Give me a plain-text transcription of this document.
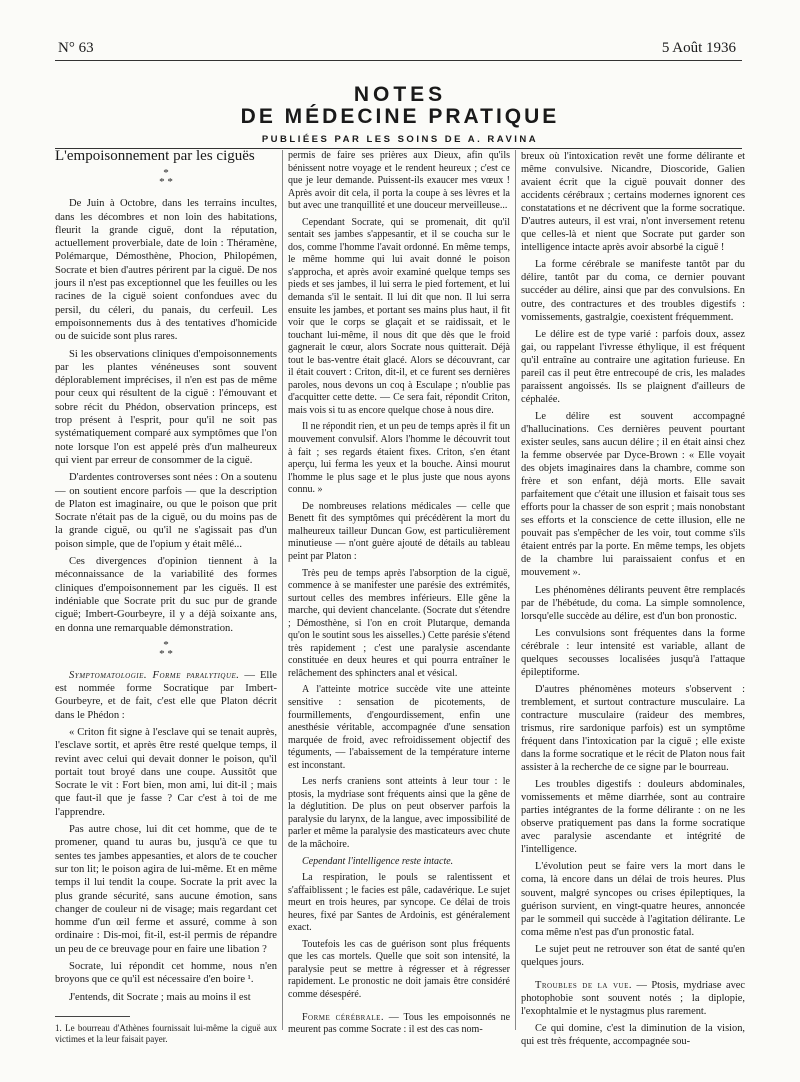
N° 63	5 Août 1936
NOTES
DE MÉDECINE PRATIQUE
PUBLIÉES PAR LES SOINS DE A. RAVINA

L'empoisonnement par les ciguës

*
* *

De Juin à Octobre, dans les terrains incultes, dans les décombres et non loin des habitations, fleurit la grande ciguë, dont la réputation, actuellement proverbiale, date de loin : Théramène, Polémarque, Démosthène, Phocion, Philopémen, Socrate et bien d'autres périrent par la ciguë. De nos jours il n'est pas exceptionnel que les feuilles ou les racines de la ciguë soient confondues avec du persil, du céleri, du panais, du cerfeuil. Les empoisonnements dus à des tentatives d'homicide ou de suicide sont plus rares.

Si les observations cliniques d'empoisonnements par les plantes vénéneuses sont souvent déplorablement imprécises, il n'en est pas de même pour ceux qui résultent de la ciguë : l'émouvant et sobre récit du Phédon, observation princeps, est trop présent à l'esprit, pour qu'il ne soit pas systématiquement comparé aux symptômes que l'on note lorsque l'on est appelé près d'un malheureux qui vient par erreur de consommer de la ciguë.

D'ardentes controverses sont nées : On a soutenu — on soutient encore parfois — que la description de Platon est imaginaire, ou que le poison que prit Socrate n'était pas de la ciguë, ou du moins pas de la grande ciguë, ou qu'il ne s'agissait pas d'un poison simple, que de l'opium y était mêlé...

Ces divergences d'opinion tiennent à la méconnaissance de la variabilité des formes cliniques d'empoisonnement par les ciguës. Il est indéniable que Socrate prit du suc pur de grande ciguë; Imbert-Gourbeyre, il y a déjà soixante ans, en donna une remarquable démonstration.

*
* *

Symptomatologie. Forme paralytique. — Elle est nommée forme Socratique par Imbert-Gourbeyre, et de fait, c'est elle que Platon décrit dans le Phédon :

« Criton fit signe à l'esclave qui se tenait auprès, l'esclave sortit, et après être resté quelque temps, il revint avec celui qui devait donner le poison, qu'il portait tout broyé dans une coupe. Aussitôt que Socrate le vit : Fort bien, mon ami, lui dit-il ; mais que faut-il que je fasse ? Car c'est à toi de me l'apprendre.

Pas autre chose, lui dit cet homme, que de te promener, quand tu auras bu, jusqu'à ce que tu sentes tes jambes appesanties, et alors de te coucher sur ton lit; le poison agira de lui-même. Et en même temps il lui tendit la coupe. Socrate la prit avec la plus grande sécurité, sans aucune émotion, sans changer de couleur ni de visage; mais regardant cet homme d'un œil ferme et assuré, comme à son ordinaire : Dis-moi, fit-il, est-il permis de répandre un peu de ce breuvage pour en faire une libation ?

Socrate, lui répondit cet homme, nous n'en broyons que ce qu'il est nécessaire d'en boire ¹.

J'entends, dit Socrate ; mais au moins il est

1. Le bourreau d'Athènes fournissait lui-même la ciguë aux victimes et la leur faisait payer.

permis de faire ses prières aux Dieux, afin qu'ils bénissent notre voyage et le rendent heureux ; c'est ce que je leur demande. Puissent-ils exaucer mes vœux ! Après avoir dit cela, il porta la coupe à ses lèvres et la but avec une tranquillité et une douceur merveilleuse...

Cependant Socrate, qui se promenait, dit qu'il sentait ses jambes s'appesantir, et il se coucha sur le dos, comme l'homme l'avait ordonné. En même temps, le même homme qui lui avait donné le poison s'approcha, et après avoir examiné quelque temps ses pieds et ses jambes, il lui serra le pied fortement, et lui demanda s'il le sentait. Il lui dit que non. Il lui serra ensuite les jambes, et portant ses mains plus haut, il fit voir que le corps se glaçait et se raidissait, et le touchant lui-même, il nous dit que dès que le froid gagnerait le cœur, alors Socrate nous quitterait. Déjà tout le bas-ventre était glacé. Alors se découvrant, car il était couvert : Criton, dit-il, et ce furent ses dernières paroles, nous devons un coq à Esculape ; n'oublie pas d'acquitter cette dette. — Ce sera fait, répondit Criton, mais vois si tu as encore quelque chose à nous dire.

Il ne répondit rien, et un peu de temps après il fit un mouvement convulsif. Alors l'homme le découvrit tout à fait ; ses regards étaient fixes. Criton, s'en étant aperçu, lui ferma les yeux et la bouche. Ainsi mourut l'homme le plus sage et le plus juste que nous ayons connu. »

De nombreuses relations médicales — celle que Benett fit des symptômes qui précédèrent la mort du malheureux tailleur Duncan Gow, est particulièrement minutieuse — n'ont guère ajouté de détails au tableau peint par Platon :

Très peu de temps après l'absorption de la ciguë, commence à se manifester une parésie des extrémités, surtout celles des membres inférieurs. Elle gêne la marche, qui devient chancelante. (Socrate dut s'étendre ; Démosthène, si l'on en croit Plutarque, demanda qu'on le soutint sous les aisselles.) Cette parésie s'étend très rapidement ; c'est une paralysie ascendante constituée en deux heures et qui pourra entraîner le relâchement des sphincters anal et vésical.

A l'atteinte motrice succède vite une atteinte sensitive : sensation de picotements, de fourmillements, d'engourdissement, enfin une anesthésie véritable, accompagnée d'une sensation marquée de froid, avec refroidissement objectif des téguments, — l'abaissement de la température interne est inconstant.

Les nerfs craniens sont atteints à leur tour : le ptosis, la mydriase sont fréquents ainsi que la gêne de la déglutition. De plus on peut observer parfois la paralysie du larynx, de la langue, avec impossibilité de parler et même la paralysie des masticateurs avec chute de la mâchoire.

Cependant l'intelligence reste intacte.

La respiration, le pouls se ralentissent et s'affaiblissent ; le facies est pâle, cadavérique. Le sujet meurt en trois heures, par syncope. Ce délai de trois heures, fixé par Santes de Ardoinis, est généralement exact.

Toutefois les cas de guérison sont plus fréquents que les cas mortels. Quelle que soit son intensité, la paralysie peut se mettre à régresser et à régresser rapidement. Le pronostic ne doit jamais être considéré comme désespéré.

Forme cérébrale. — Tous les empoisonnés ne meurent pas comme Socrate : il est des cas nom-

breux où l'intoxication revêt une forme délirante et même convulsive. Nicandre, Dioscoride, Galien avaient écrit que la ciguë pouvait donner des accidents cérébraux ; certains modernes ignorent ces constatations et ne décrivent que la forme socratique. D'autres auteurs, il est vrai, n'ont inversement retenu que celles-là et nient que Socrate put garder son intelligence intacte après avoir absorbé la ciguë !

La forme cérébrale se manifeste tantôt par du délire, tantôt par du coma, ce dernier pouvant succéder au délire, ainsi que par des convulsions. En outre, des contractures et des troubles digestifs : vomissements, gastralgie, coexistent fréquemment.

Le délire est de type varié : parfois doux, assez gai, ou rappelant l'ivresse éthylique, il est fréquent qu'il entraîne au contraire une agitation furieuse. En pareil cas il peut être entrecoupé de cris, les malades paraissent angoissés. Ils se plaignent d'ailleurs de céphalée.

Le délire est souvent accompagné d'hallucinations. Ces dernières peuvent pourtant exister seules, sans aucun délire ; il en était ainsi chez la femme observée par Dyce-Brown : « Elle voyait des objets imaginaires dans la chambre, comme son frère et son enfant, déjà morts. Elle savait parfaitement que c'était une illusion et faisait tous ses efforts pour la chasser de son esprit ; mais nonobstant ses efforts et la conscience de cette illusion, elle ne pouvait pas s'empêcher de les voir, tout comme s'ils étaient entrés par la porte. En même temps, les objets de la chambre lui paraissaient confus et en mouvement ».

Les phénomènes délirants peuvent être remplacés par de l'hébétude, du coma. La simple somnolence, lorsqu'elle succède au délire, est d'un bon pronostic.

Les convulsions sont fréquentes dans la forme cérébrale : leur intensité est variable, allant de quelques secousses localisées jusqu'à l'attaque épileptiforme.

D'autres phénomènes moteurs s'observent : tremblement, et surtout contracture musculaire. La contracture musculaire (raideur des membres, trismus, rire sardonique parfois) est un symptôme fréquent dans l'intoxication par la ciguë ; elle existe dans la forme socratique et le récit de Platon nous fait assister à la recherche de ce signe par le bourreau.

Les troubles digestifs : douleurs abdominales, vomissements et même diarrhée, sont au contraire parties intégrantes de la forme délirante : on ne les observe pratiquement pas dans la forme socratique avec paralysie ascendante et intégrité de l'intelligence.

L'évolution peut se faire vers la mort dans le coma, là encore dans un délai de trois heures. Plus souvent, malgré syncopes ou crises épileptiques, la guérison survient, en vingt-quatre heures, annoncée par le sommeil qui succède à l'agitation délirante. Le coma même n'est pas d'un pronostic fatal.

Le sujet peut ne retrouver son état de santé qu'en quelques jours.

Troubles de la vue. — Ptosis, mydriase avec photophobie sont souvent notés ; la diplopie, l'exophtalmie et le nystagmus plus rarement.

Ce qui domine, c'est la diminution de la vision, qui est très fréquente, accompagnée sou-
